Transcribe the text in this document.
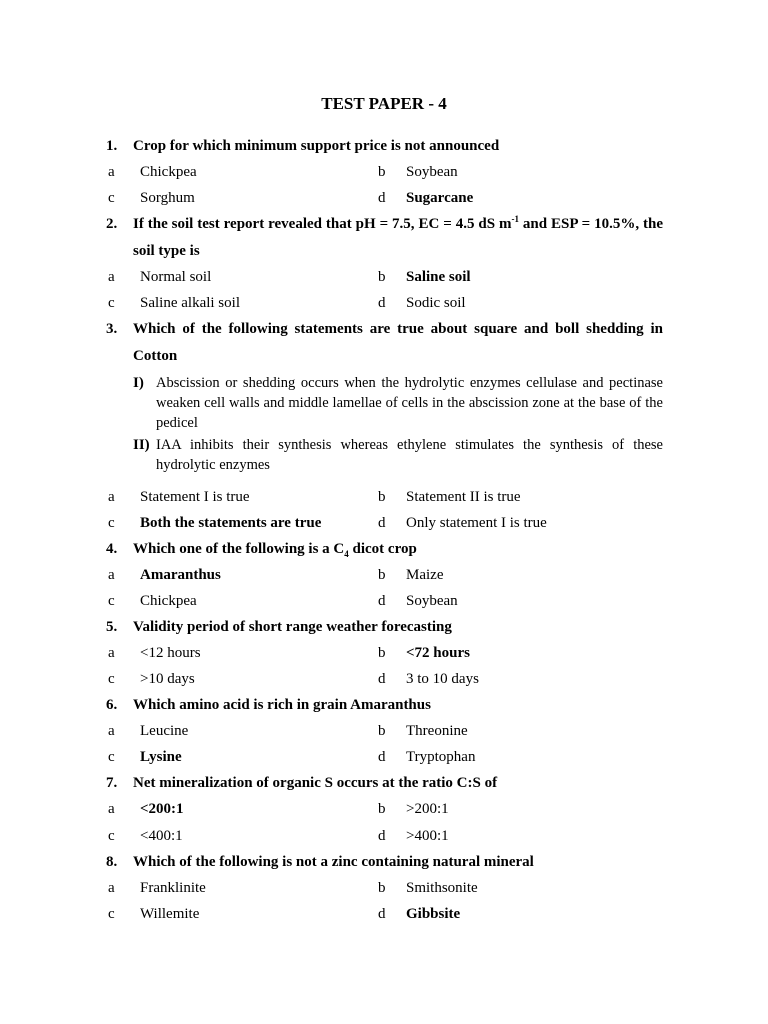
TEST PAPER - 4
1. Crop for which minimum support price is not announced
a Chickpea	b Soybean
c Sorghum	d Sugarcane
2. If the soil test report revealed that pH = 7.5, EC = 4.5 dS $m^{-1}$ and ESP = 10.5%, the
soil type is
a Normal soil	b Saline soil
c Saline alkali soil	d Sodic soil
3. Which of the following statements are true about square and boll shedding in
Cotton
I) Abscission or shedding occurs when the hydrolytic enzymes cellulase and pectinase weaken cell walls and middle lamellae of cells in the abscission zone at the base of the pedicel
II) IAA inhibits their synthesis whereas ethylene stimulates the synthesis of these hydrolytic enzymes
a Statement I is true	b Statement II is true
c Both the statements are true	d Only statement I is true
4. Which one of the following is a $C_4$ dicot crop
a Amaranthus	b Maize
c Chickpea	d Soybean
5. Validity period of short range weather forecasting
a <12 hours	b <72 hours
c >10 days	d 3 to 10 days
6. Which amino acid is rich in grain Amaranthus
a Leucine	b Threonine
c Lysine	d Tryptophan
7. Net mineralization of organic S occurs at the ratio C:S of
a <200:1	b >200:1
c <400:1	d >400:1
8. Which of the following is not a zinc containing natural mineral
a Franklinite	b Smithsonite
c Willemite	d Gibbsite
